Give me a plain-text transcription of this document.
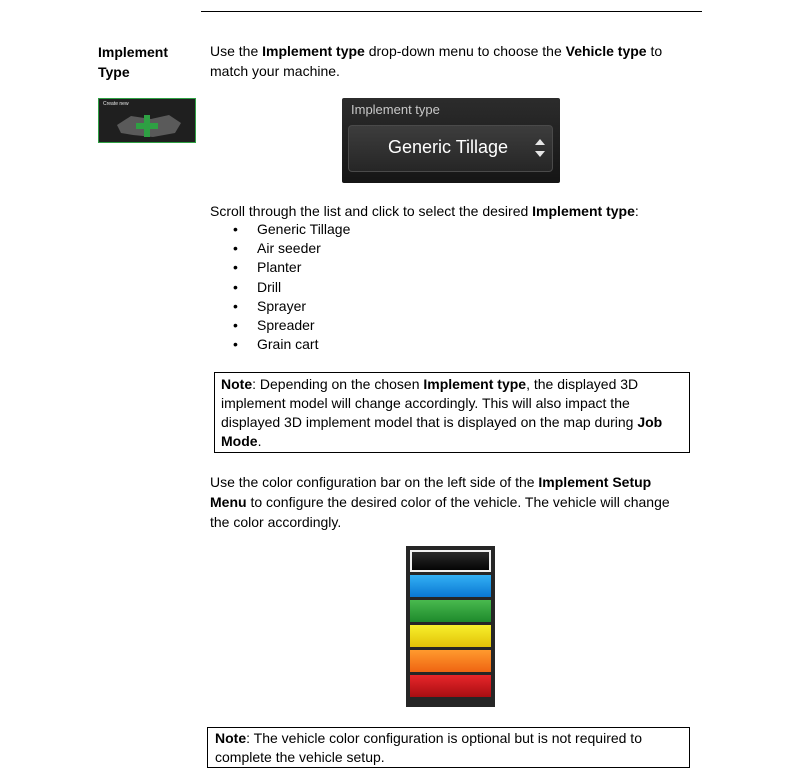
Implement Type
Create new
Use the Implement type drop-down menu to choose the Vehicle type to match your machine.
Implement type
Generic Tillage
Scroll through the list and click to select the desired Implement type:
• Generic Tillage
• Air seeder
• Planter
• Drill
• Sprayer
• Spreader
• Grain cart
Note: Depending on the chosen Implement type, the displayed 3D implement model will change accordingly. This will also impact the displayed 3D implement model that is displayed on the map during Job Mode.
Use the color configuration bar on the left side of the Implement Setup Menu to configure the desired color of the vehicle. The vehicle will change the color accordingly.
Note: The vehicle color configuration is optional but is not required to complete the vehicle setup.
